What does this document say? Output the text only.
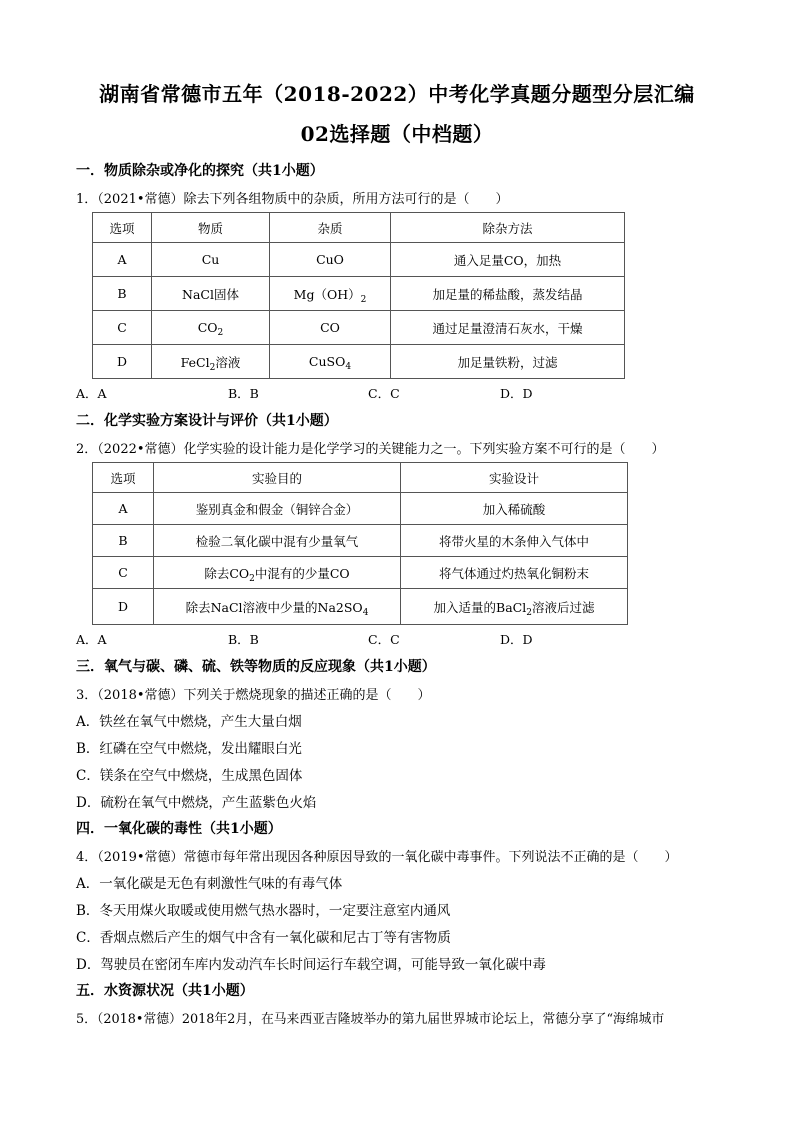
湖南省常德市五年（2018-2022）中考化学真题分题型分层汇编
02选择题（中档题）
一．物质除杂或净化的探究（共1小题）
1．（2021•常德）除去下列各组物质中的杂质，所用方法可行的是（　　）
选项	物质	杂质	除杂方法
A	Cu	CuO	通入足量CO，加热
B	NaCl固体	$Mg(OH)_2$	加足量的稀盐酸，蒸发结晶
C	$CO_2$	CO	通过足量澄清石灰水，干燥
D	FeCl$_2$溶液	CuSO$_4$	加足量铁粉，过滤
A．A	B．B	C．C	D．D
二．化学实验方案设计与评价（共1小题）
2．（2022•常德）化学实验的设计能力是化学学习的关键能力之一。下列实验方案不可行的是（　　）
选项	实验目的	实验设计
A	鉴别真金和假金（铜锌合金）	加入稀硫酸
B	检验二氧化碳中混有少量氧气	将带火星的木条伸入气体中
C	除去$CO_2$中混有的少量CO	将气体通过灼热氧化铜粉末
D	除去NaCl溶液中少量的$Na2SO_4$	加入适量的BaCl$_2$溶液后过滤
A．A	B．B	C．C	D．D
三．氧气与碳、磷、硫、铁等物质的反应现象（共1小题）
3．（2018•常德）下列关于燃烧现象的描述正确的是（　　）
A．铁丝在氧气中燃烧，产生大量白烟
B．红磷在空气中燃烧，发出耀眼白光
C．镁条在空气中燃烧，生成黑色固体
D．硫粉在氧气中燃烧，产生蓝紫色火焰
四．一氧化碳的毒性（共1小题）
4．（2019•常德）常德市每年常出现因各种原因导致的一氧化碳中毒事件。下列说法不正确的是（　　）
A．一氧化碳是无色有刺激性气味的有毒气体
B．冬天用煤火取暖或使用燃气热水器时，一定要注意室内通风
C．香烟点燃后产生的烟气中含有一氧化碳和尼古丁等有害物质
D．驾驶员在密闭车库内发动汽车长时间运行车载空调，可能导致一氧化碳中毒
五．水资源状况（共1小题）
5．（2018•常德）2018年2月，在马来西亚吉隆坡举办的第九届世界城市论坛上，常德分享了“海绵城市
